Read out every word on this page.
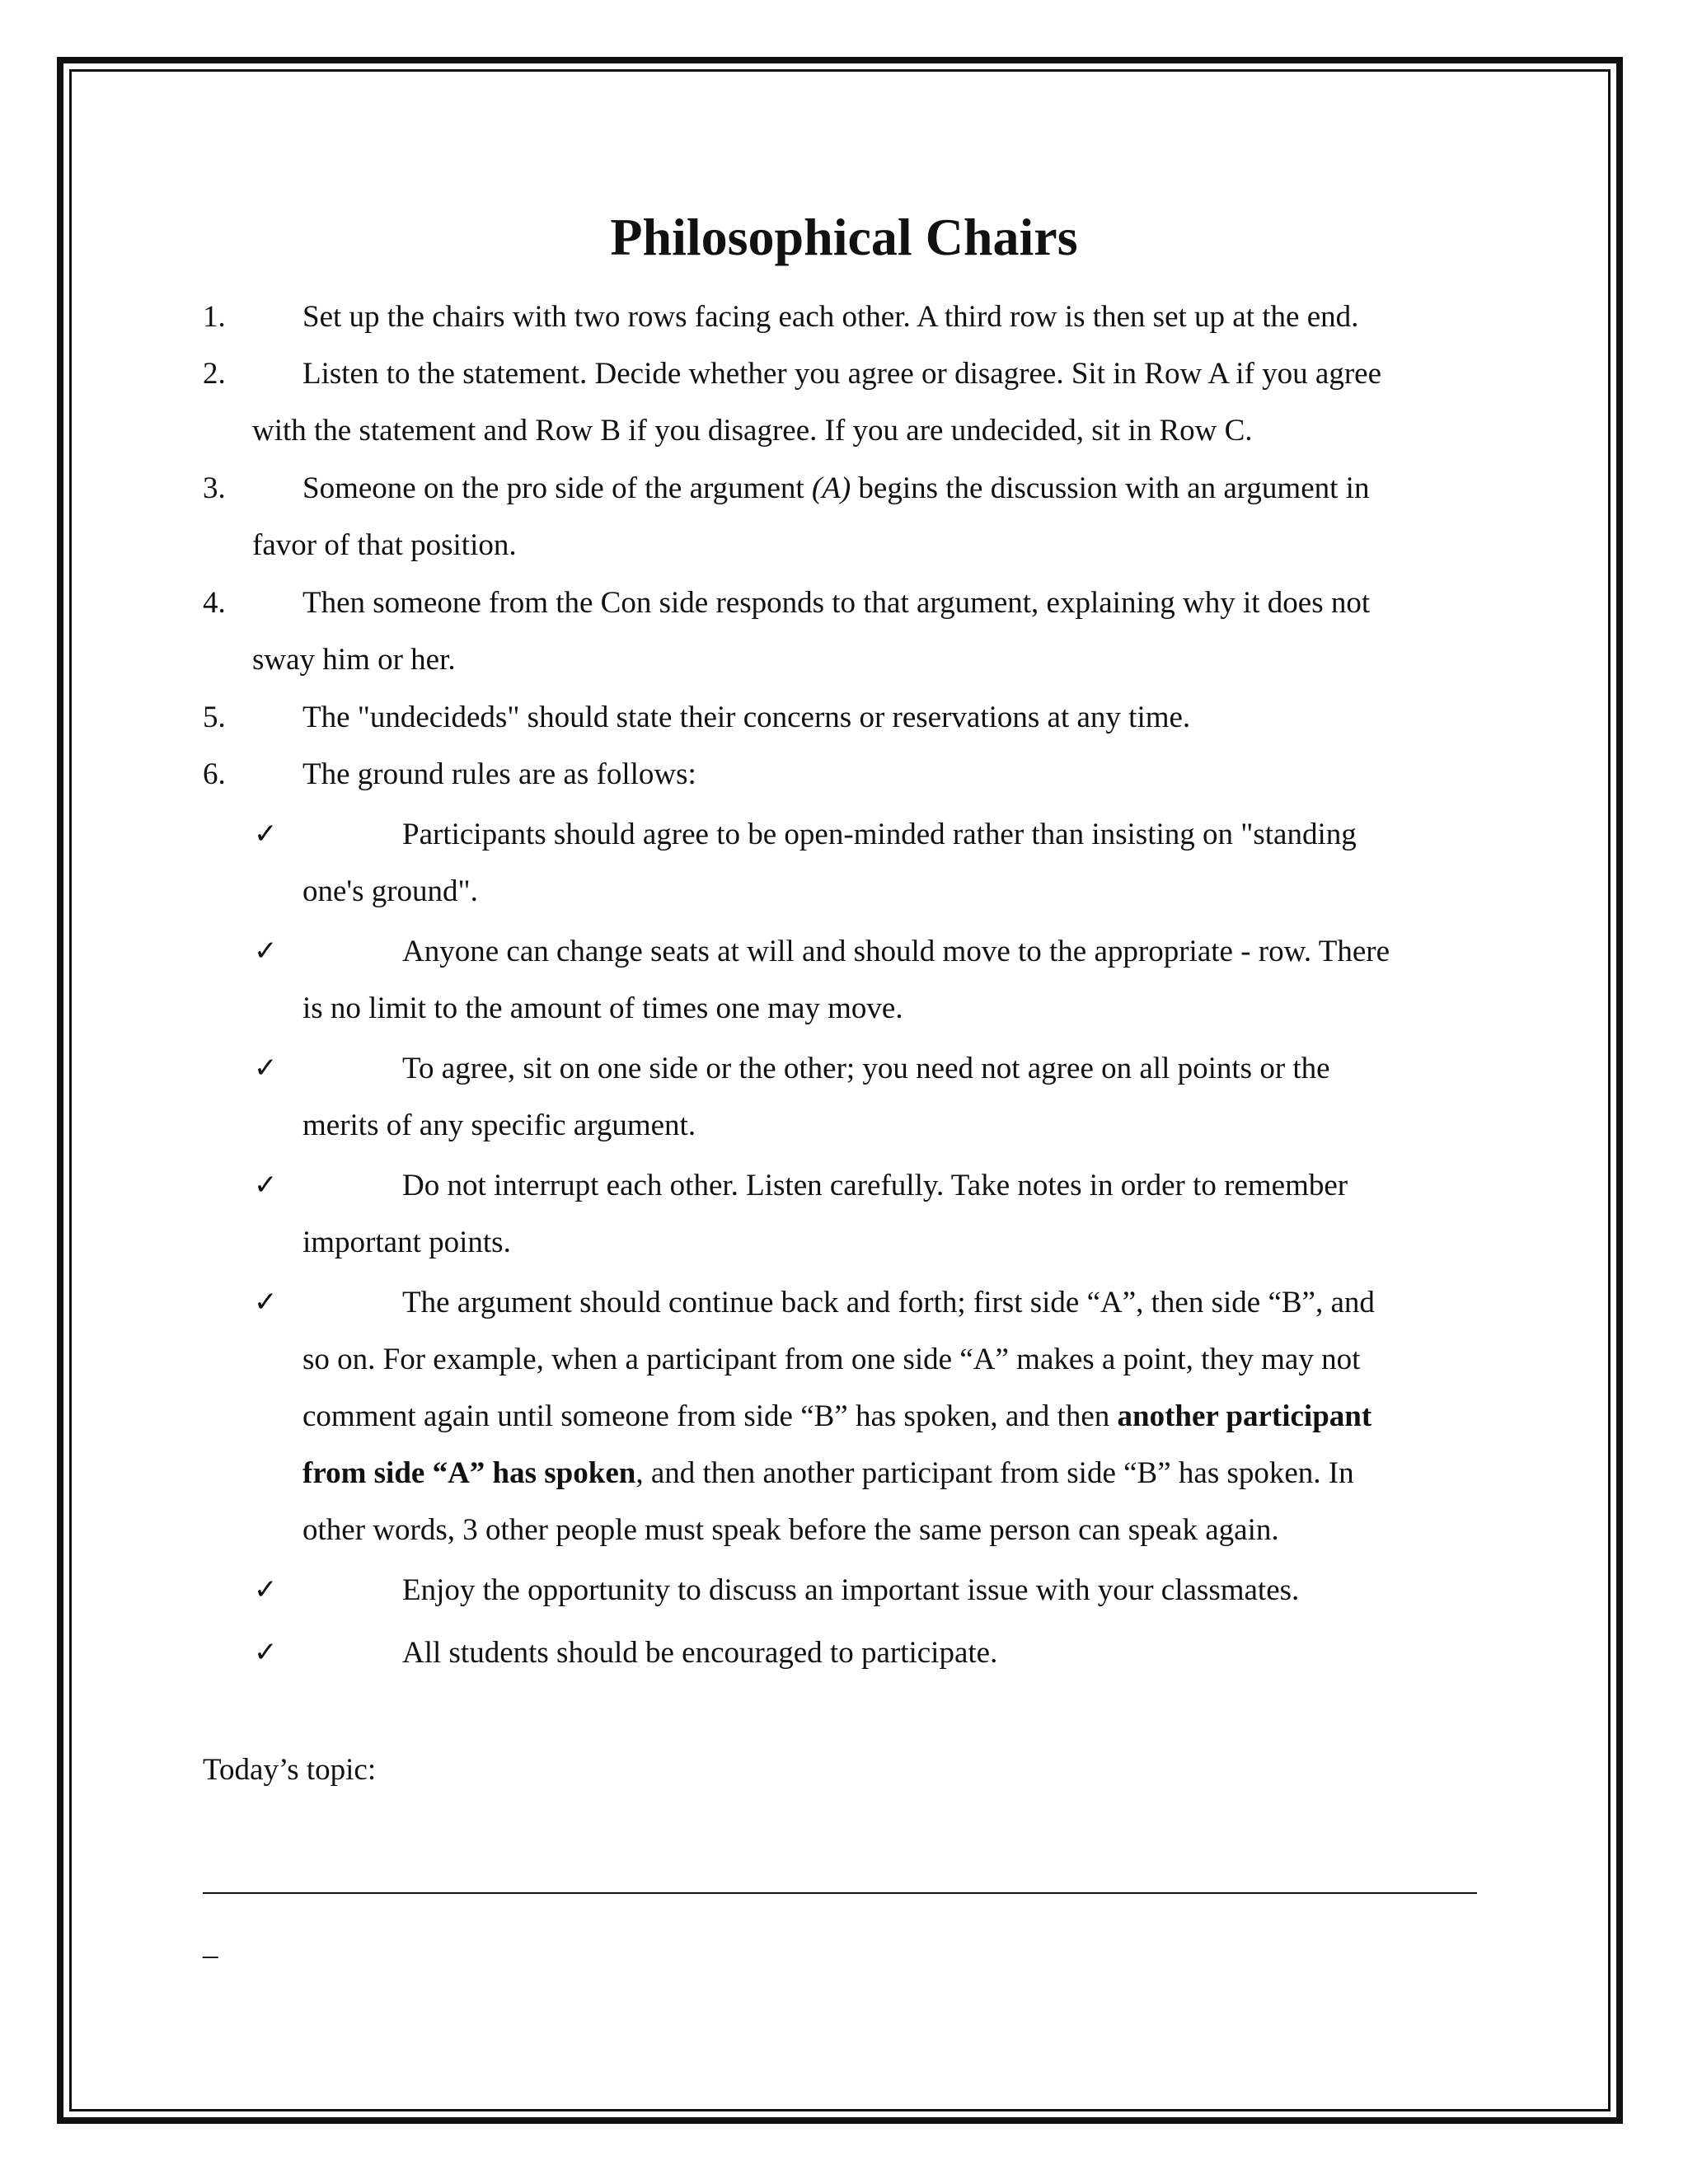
Philosophical Chairs
1.	Set up the chairs with two rows facing each other. A third row is then set up at the end.
2.	Listen to the statement. Decide whether you agree or disagree. Sit in Row A if you agree
with the statement and Row B if you disagree. If you are undecided, sit in Row C.
3.	Someone on the pro side of the argument (A) begins the discussion with an argument in
favor of that position.
4.	Then someone from the Con side responds to that argument, explaining why it does not
sway him or her.
5.	The "undecideds" should state their concerns or reservations at any time.
6.	The ground rules are as follows:
✓	Participants should agree to be open-minded rather than insisting on "standing
one's ground".
✓	Anyone can change seats at will and should move to the appropriate - row. There
is no limit to the amount of times one may move.
✓	To agree, sit on one side or the other; you need not agree on all points or the
merits of any specific argument.
✓	Do not interrupt each other. Listen carefully. Take notes in order to remember
important points.
✓	The argument should continue back and forth; first side “A”, then side “B”, and
so on. For example, when a participant from one side “A” makes a point, they may not
comment again until someone from side “B” has spoken, and then another participant
from side “A” has spoken, and then another participant from side “B” has spoken. In
other words, 3 other people must speak before the same person can speak again.
✓	Enjoy the opportunity to discuss an important issue with your classmates.
✓	All students should be encouraged to participate.
Today’s topic:
_
